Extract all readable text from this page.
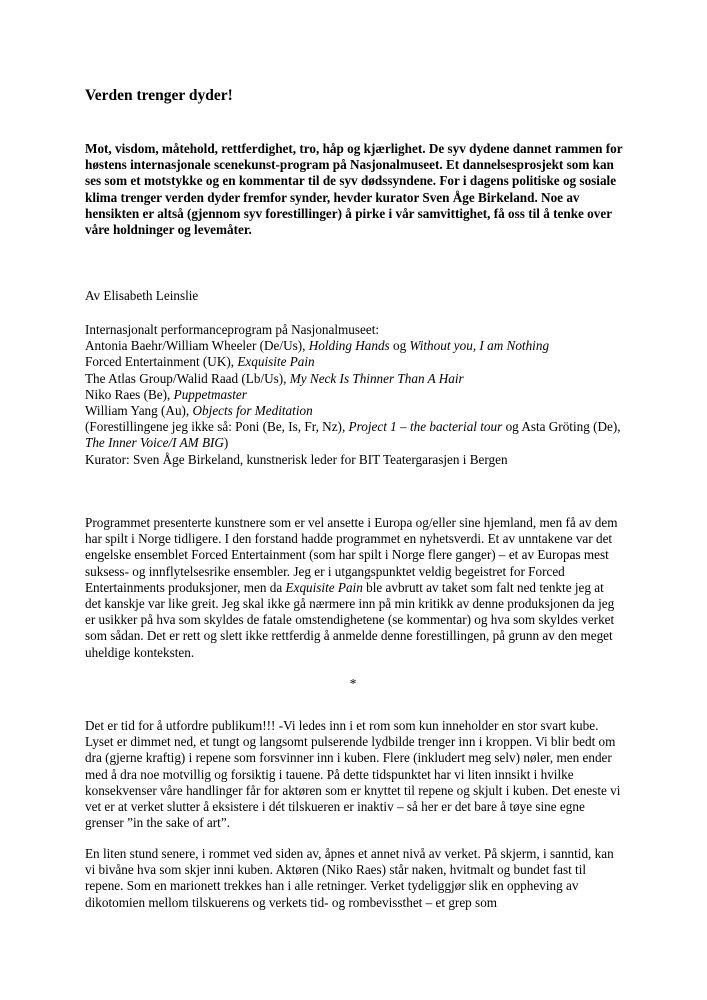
Verden trenger dyder!

Mot, visdom, måtehold, rettferdighet, tro, håp og kjærlighet. De syv dydene dannet rammen for høstens internasjonale scenekunst-program på Nasjonalmuseet. Et dannelsesprosjekt som kan ses som et motstykke og en kommentar til de syv dødssyndene. For i dagens politiske og sosiale klima trenger verden dyder fremfor synder, hevder kurator Sven Åge Birkeland. Noe av hensikten er altså (gjennom syv forestillinger) å pirke i vår samvittighet, få oss til å tenke over våre holdninger og levemåter.

Av Elisabeth Leinslie

Internasjonalt performanceprogram på Nasjonalmuseet:
Antonia Baehr/William Wheeler (De/Us), Holding Hands og Without you, I am Nothing
Forced Entertainment (UK), Exquisite Pain
The Atlas Group/Walid Raad (Lb/Us), My Neck Is Thinner Than A Hair
Niko Raes (Be), Puppetmaster
William Yang (Au), Objects for Meditation
(Forestillingene jeg ikke så: Poni (Be, Is, Fr, Nz), Project 1 – the bacterial tour og Asta Gröting (De), The Inner Voice/I AM BIG)
Kurator: Sven Åge Birkeland, kunstnerisk leder for BIT Teatergarasjen i Bergen

Programmet presenterte kunstnere som er vel ansette i Europa og/eller sine hjemland, men få av dem har spilt i Norge tidligere. I den forstand hadde programmet en nyhetsverdi. Et av unntakene var det engelske ensemblet Forced Entertainment (som har spilt i Norge flere ganger) – et av Europas mest suksess- og innflytelsesrike ensembler. Jeg er i utgangspunktet veldig begeistret for Forced Entertainments produksjoner, men da Exquisite Pain ble avbrutt av taket som falt ned tenkte jeg at det kanskje var like greit. Jeg skal ikke gå nærmere inn på min kritikk av denne produksjonen da jeg er usikker på hva som skyldes de fatale omstendighetene (se kommentar) og hva som skyldes verket som sådan. Det er rett og slett ikke rettferdig å anmelde denne forestillingen, på grunn av den meget uheldige konteksten.

*

Det er tid for å utfordre publikum!!! -Vi ledes inn i et rom som kun inneholder en stor svart kube. Lyset er dimmet ned, et tungt og langsomt pulserende lydbilde trenger inn i kroppen. Vi blir bedt om dra (gjerne kraftig) i repene som forsvinner inn i kuben. Flere (inkludert meg selv) nøler, men ender med å dra noe motvillig og forsiktig i tauene. På dette tidspunktet har vi liten innsikt i hvilke konsekvenser våre handlinger får for aktøren som er knyttet til repene og skjult i kuben. Det eneste vi vet er at verket slutter å eksistere i dét tilskueren er inaktiv – så her er det bare å tøye sine egne grenser ”in the sake of art”.

En liten stund senere, i rommet ved siden av, åpnes et annet nivå av verket. På skjerm, i sanntid, kan vi bivåne hva som skjer inni kuben. Aktøren (Niko Raes) står naken, hvitmalt og bundet fast til repene. Som en marionett trekkes han i alle retninger. Verket tydeliggjør slik en oppheving av dikotomien mellom tilskuerens og verkets tid- og rombevissthet – et grep som
